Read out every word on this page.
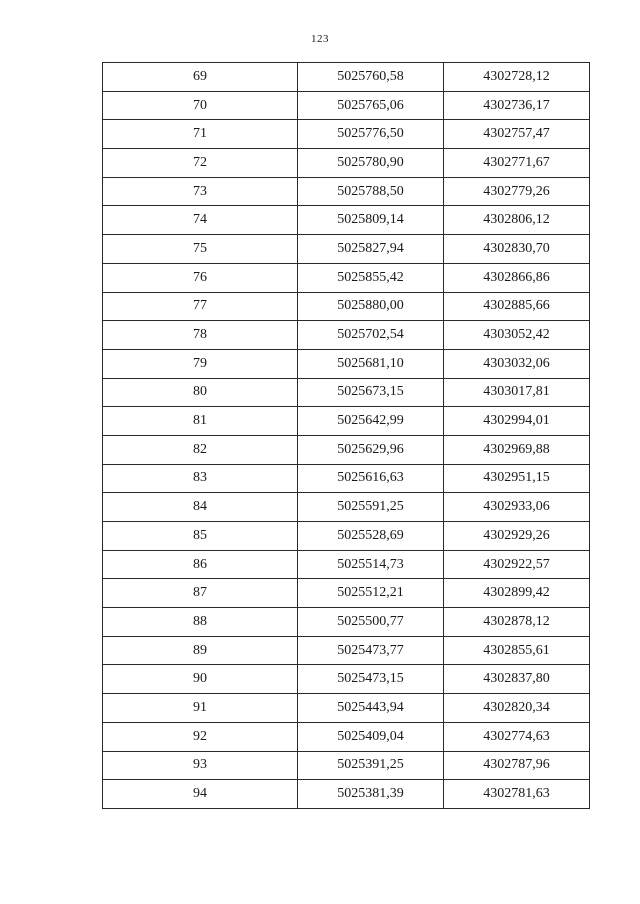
123
69	5025760,58	4302728,12
70	5025765,06	4302736,17
71	5025776,50	4302757,47
72	5025780,90	4302771,67
73	5025788,50	4302779,26
74	5025809,14	4302806,12
75	5025827,94	4302830,70
76	5025855,42	4302866,86
77	5025880,00	4302885,66
78	5025702,54	4303052,42
79	5025681,10	4303032,06
80	5025673,15	4303017,81
81	5025642,99	4302994,01
82	5025629,96	4302969,88
83	5025616,63	4302951,15
84	5025591,25	4302933,06
85	5025528,69	4302929,26
86	5025514,73	4302922,57
87	5025512,21	4302899,42
88	5025500,77	4302878,12
89	5025473,77	4302855,61
90	5025473,15	4302837,80
91	5025443,94	4302820,34
92	5025409,04	4302774,63
93	5025391,25	4302787,96
94	5025381,39	4302781,63
